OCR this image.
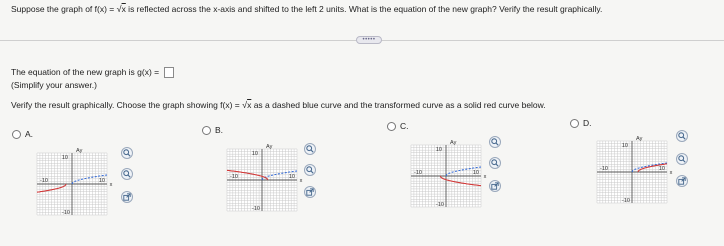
Suppose the graph of f(x) = √x is reflected across the x-axis and shifted to the left 2 units. What is the equation of the new graph? Verify the result graphically.
•••••
The equation of the new graph is g(x) =
(Simplify your answer.)
Verify the result graphically. Choose the graph showing f(x) = √x as a dashed blue curve and the transformed curve as a solid red curve below.
A.
10
-10
-10	10
Ay
x
B.
10
-10
-10	10
Ay
x
C.
10
-10
-10	10
Ay
x
D.
10
-10
-10	10
Ay
x
